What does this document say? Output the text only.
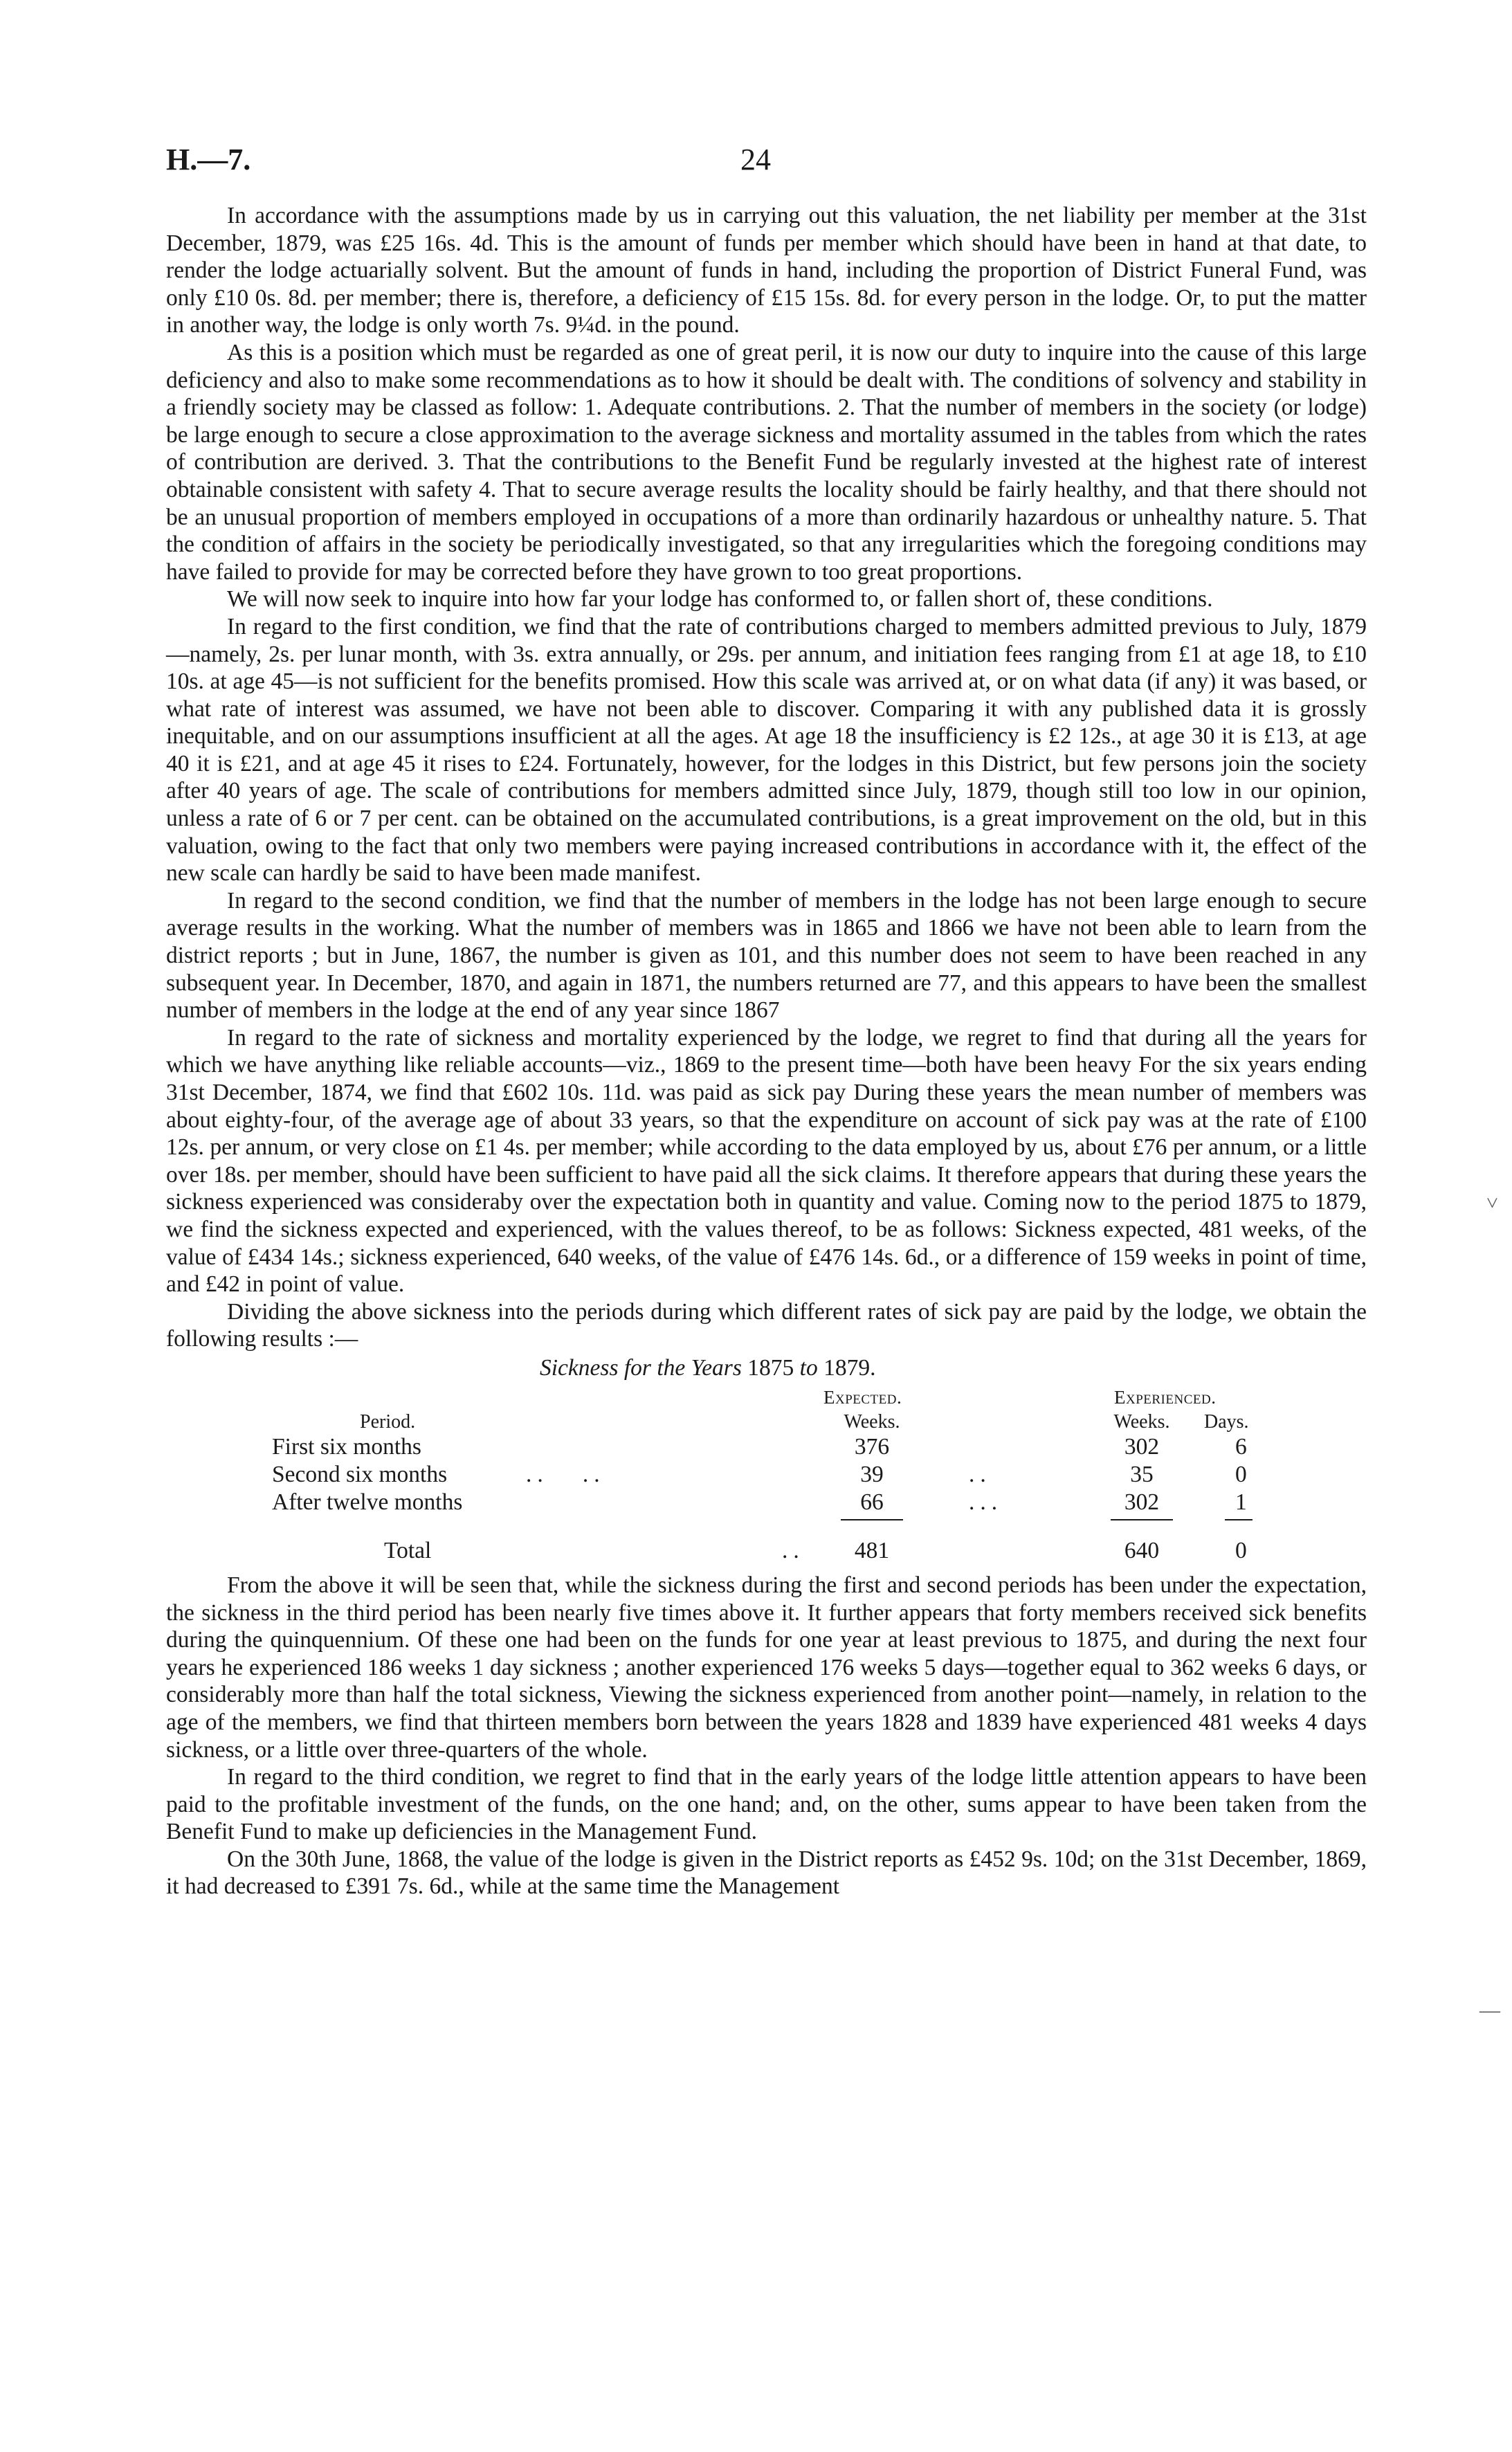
H.—7.	24

In accordance with the assumptions made by us in carrying out this valuation, the net liability per member at the 31st December, 1879, was £25 16s. 4d. This is the amount of funds per member which should have been in hand at that date, to render the lodge actuarially solvent. But the amount of funds in hand, including the proportion of District Funeral Fund, was only £10 0s. 8d. per member; there is, therefore, a deficiency of £15 15s. 8d. for every person in the lodge. Or, to put the matter in another way, the lodge is only worth 7s. 9¼d. in the pound.

As this is a position which must be regarded as one of great peril, it is now our duty to inquire into the cause of this large deficiency and also to make some recommendations as to how it should be dealt with. The conditions of solvency and stability in a friendly society may be classed as follow: 1. Adequate contributions. 2. That the number of members in the society (or lodge) be large enough to secure a close approximation to the average sickness and mortality assumed in the tables from which the rates of contribution are derived. 3. That the contributions to the Benefit Fund be regularly invested at the highest rate of interest obtainable consistent with safety 4. That to secure average results the locality should be fairly healthy, and that there should not be an unusual proportion of members employed in occupations of a more than ordinarily hazardous or unhealthy nature. 5. That the condition of affairs in the society be periodically investigated, so that any irregularities which the foregoing conditions may have failed to provide for may be corrected before they have grown to too great proportions.

We will now seek to inquire into how far your lodge has conformed to, or fallen short of, these conditions.

In regard to the first condition, we find that the rate of contributions charged to members admitted previous to July, 1879—namely, 2s. per lunar month, with 3s. extra annually, or 29s. per annum, and initiation fees ranging from £1 at age 18, to £10 10s. at age 45—is not sufficient for the benefits promised. How this scale was arrived at, or on what data (if any) it was based, or what rate of interest was assumed, we have not been able to discover. Comparing it with any published data it is grossly inequitable, and on our assumptions insufficient at all the ages. At age 18 the insufficiency is £2 12s., at age 30 it is £13, at age 40 it is £21, and at age 45 it rises to £24. Fortunately, however, for the lodges in this District, but few persons join the society after 40 years of age. The scale of contributions for members admitted since July, 1879, though still too low in our opinion, unless a rate of 6 or 7 per cent. can be obtained on the accumulated contributions, is a great improvement on the old, but in this valuation, owing to the fact that only two members were paying increased contributions in accordance with it, the effect of the new scale can hardly be said to have been made manifest.

In regard to the second condition, we find that the number of members in the lodge has not been large enough to secure average results in the working. What the number of members was in 1865 and 1866 we have not been able to learn from the district reports ; but in June, 1867, the number is given as 101, and this number does not seem to have been reached in any subsequent year. In December, 1870, and again in 1871, the numbers returned are 77, and this appears to have been the smallest number of members in the lodge at the end of any year since 1867

In regard to the rate of sickness and mortality experienced by the lodge, we regret to find that during all the years for which we have anything like reliable accounts—viz., 1869 to the present time—both have been heavy For the six years ending 31st December, 1874, we find that £602 10s. 11d. was paid as sick pay During these years the mean number of members was about eighty-four, of the average age of about 33 years, so that the expenditure on account of sick pay was at the rate of £100 12s. per annum, or very close on £1 4s. per member; while according to the data employed by us, about £76 per annum, or a little over 18s. per member, should have been sufficient to have paid all the sick claims. It therefore appears that during these years the sickness experienced was consideraby over the expectation both in quantity and value. Coming now to the period 1875 to 1879, we find the sickness expected and experienced, with the values thereof, to be as follows: Sickness expected, 481 weeks, of the value of £434 14s.; sickness experienced, 640 weeks, of the value of £476 14s. 6d., or a difference of 159 weeks in point of time, and £42 in point of value.

Dividing the above sickness into the periods during which different rates of sick pay are paid by the lodge, we obtain the following results :—

Sickness for the Years 1875 to 1879.
Expected.	Experienced.
Period.	Weeks.	Weeks.	Days.
First six months	376	302	6
Second six months	39	35	0
After twelve months	66	302	1
..   ..	..
...
..
Total	481	640	0

From the above it will be seen that, while the sickness during the first and second periods has been under the expectation, the sickness in the third period has been nearly five times above it. It further appears that forty members received sick benefits during the quinquennium. Of these one had been on the funds for one year at least previous to 1875, and during the next four years he experienced 186 weeks 1 day sickness ; another experienced 176 weeks 5 days—together equal to 362 weeks 6 days, or considerably more than half the total sickness, Viewing the sickness experienced from another point—namely, in relation to the age of the members, we find that thirteen members born between the years 1828 and 1839 have experienced 481 weeks 4 days sickness, or a little over three-quarters of the whole.

In regard to the third condition, we regret to find that in the early years of the lodge little attention appears to have been paid to the profitable investment of the funds, on the one hand; and, on the other, sums appear to have been taken from the Benefit Fund to make up deficiencies in the Management Fund.

On the 30th June, 1868, the value of the lodge is given in the District reports as £452 9s. 10d; on the 31st December, 1869, it had decreased to £391 7s. 6d., while at the same time the Management

˅
—
